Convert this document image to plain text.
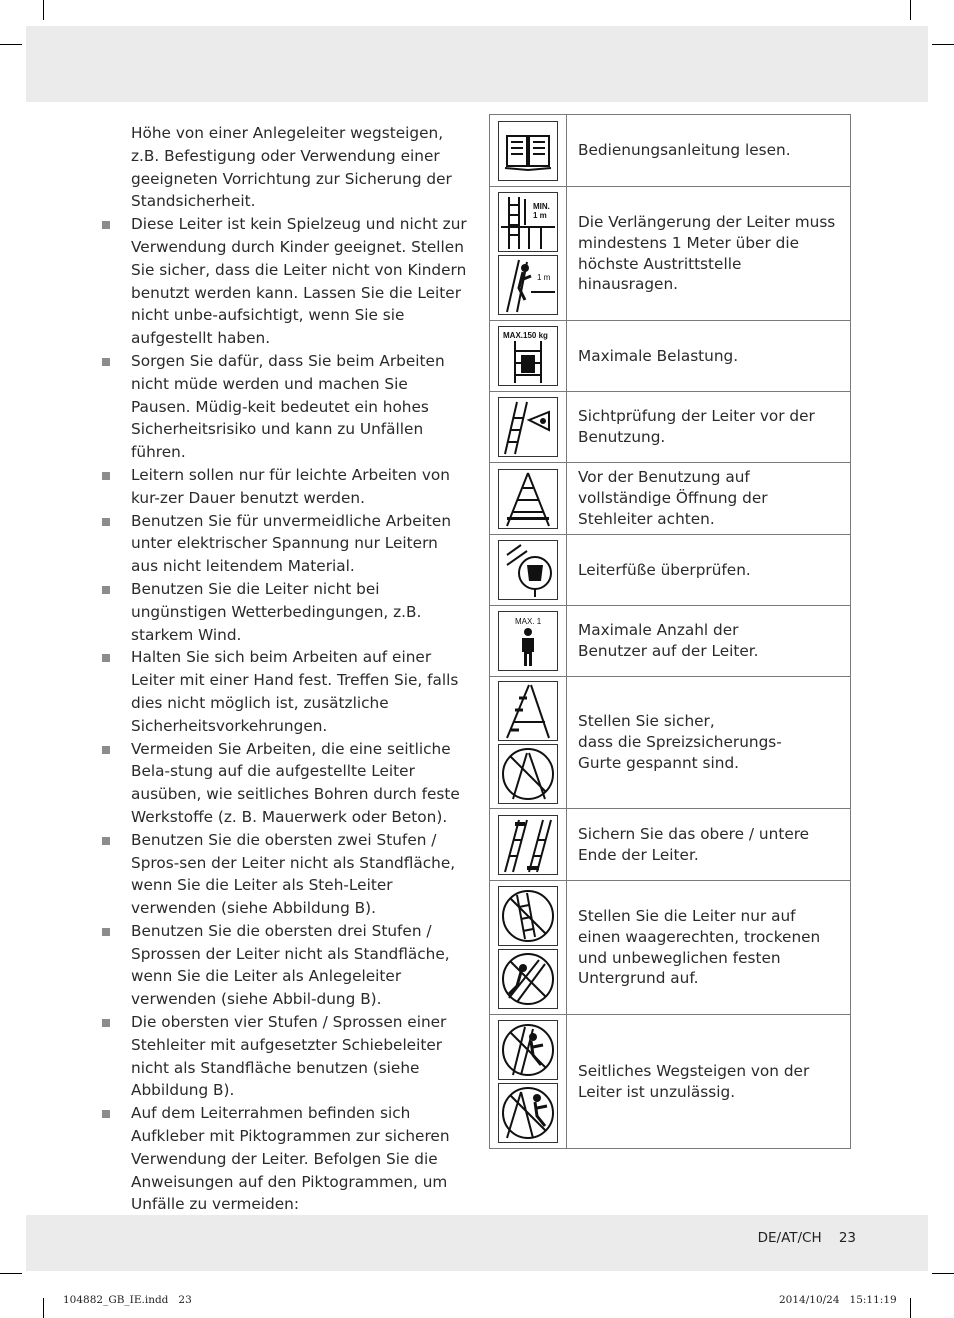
Höhe von einer Anlegeleiter wegsteigen, z.B. Befestigung oder Verwendung einer geeigneten Vorrichtung zur Sicherung der Standsicherheit.

Diese Leiter ist kein Spielzeug und nicht zur Verwendung durch Kinder geeignet. Stellen Sie sicher, dass die Leiter nicht von Kindern benutzt werden kann. Lassen Sie die Leiter nicht unbe-aufsichtigt, wenn Sie sie aufgestellt haben.
Sorgen Sie dafür, dass Sie beim Arbeiten nicht müde werden und machen Sie Pausen. Müdig-keit bedeutet ein hohes Sicherheitsrisiko und kann zu Unfällen führen.
Leitern sollen nur für leichte Arbeiten von kur-zer Dauer benutzt werden.
Benutzen Sie für unvermeidliche Arbeiten unter elektrischer Spannung nur Leitern aus nicht leitendem Material.
Benutzen Sie die Leiter nicht bei ungünstigen Wetterbedingungen, z.B. starkem Wind.
Halten Sie sich beim Arbeiten auf einer Leiter mit einer Hand fest. Treffen Sie, falls dies nicht möglich ist, zusätzliche Sicherheitsvorkehrungen.
Vermeiden Sie Arbeiten, die eine seitliche Bela-stung auf die aufgestellte Leiter ausüben, wie seitliches Bohren durch feste Werkstoffe (z. B. Mauerwerk oder Beton).
Benutzen Sie die obersten zwei Stufen / Spros-sen der Leiter nicht als Standfläche, wenn Sie die Leiter als Steh-Leiter verwenden (siehe Abbildung B).
Benutzen Sie die obersten drei Stufen / Sprossen der Leiter nicht als Standfläche, wenn Sie die Leiter als Anlegeleiter verwenden (siehe Abbil-dung B).
Die obersten vier Stufen / Sprossen einer Stehleiter mit aufgesetzter Schiebeleiter nicht als Standfläche benutzen (siehe Abbildung B).
Auf dem Leiterrahmen befinden sich Aufkleber mit Piktogrammen zur sicheren Verwendung der Leiter. Befolgen Sie die Anweisungen auf den Piktogrammen, um Unfälle zu vermeiden:
	Bedienungsanleitung lesen.

MIN. 1 m
1 m	Die Verlängerung der Leiter muss mindestens 1 Meter über die höchste Austrittstelle hinausragen.

MAX.150 kg	Maximale Belastung.

	Sichtprüfung der Leiter vor der Benutzung.

	Vor der Benutzung auf vollständige Öffnung der Stehleiter achten.

	Leiterfüße überprüfen.

MAX. 1	Maximale Anzahl der
Benutzer auf der Leiter.

	Stellen Sie sicher,
dass die Spreizsicherungs-
Gurte gespannt sind.

	Sichern Sie das obere / untere Ende der Leiter.

	Stellen Sie die Leiter nur auf einen waagerechten, trockenen und unbeweglichen festen Untergrund auf.

	Seitliches Wegsteigen von der Leiter ist unzulässig.
DE/AT/CH 23
104882_GB_IE.indd   23	2014/10/24   15:11:19
